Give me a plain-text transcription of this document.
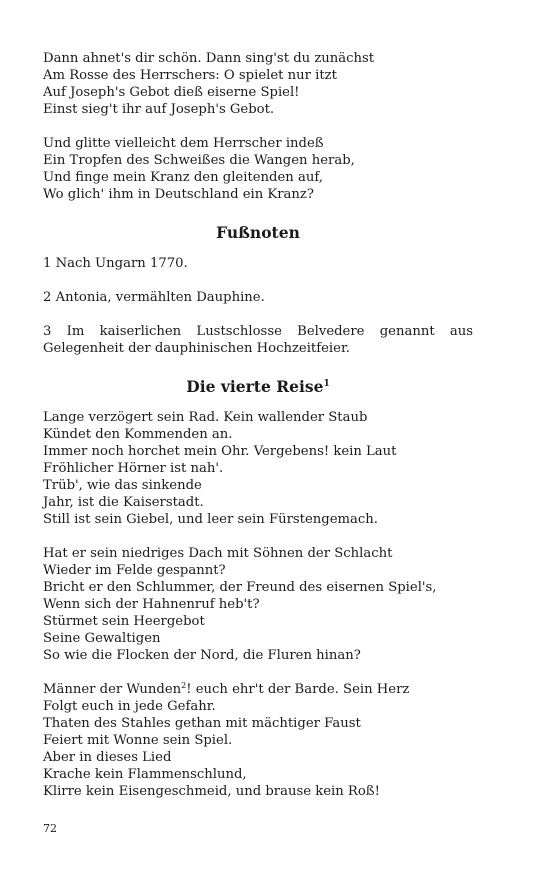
Dann ahnet's dir schön. Dann sing'st du zunächst
Am Rosse des Herrschers: O spielet nur itzt
Auf Joseph's Gebot dieß eiserne Spiel!
Einst sieg't ihr auf Joseph's Gebot.
Und glitte vielleicht dem Herrscher indeß
Ein Tropfen des Schweißes die Wangen herab,
Und finge mein Kranz den gleitenden auf,
Wo glich' ihm in Deutschland ein Kranz?
Fußnoten
1 Nach Ungarn 1770.
2 Antonia, vermählten Dauphine.
3 Im kaiserlichen Lustschlosse Belvedere genannt aus Gelegenheit der dauphinischen Hochzeitfeier.
Die vierte Reise$^1$
Lange verzögert sein Rad. Kein wallender Staub
Kündet den Kommenden an.
Immer noch horchet mein Ohr. Vergebens! kein Laut
Fröhlicher Hörner ist nah'.
Trüb', wie das sinkende
Jahr, ist die Kaiserstadt.
Still ist sein Giebel, und leer sein Fürstengemach.
Hat er sein niedriges Dach mit Söhnen der Schlacht
Wieder im Felde gespannt?
Bricht er den Schlummer, der Freund des eisernen Spiel's,
Wenn sich der Hahnenruf heb't?
Stürmet sein Heergebot
Seine Gewaltigen
So wie die Flocken der Nord, die Fluren hinan?
Männer der Wunden$^2$! euch ehr't der Barde. Sein Herz
Folgt euch in jede Gefahr.
Thaten des Stahles gethan mit mächtiger Faust
Feiert mit Wonne sein Spiel.
Aber in dieses Lied
Krache kein Flammenschlund,
Klirre kein Eisengeschmeid, und brause kein Roß!
72
